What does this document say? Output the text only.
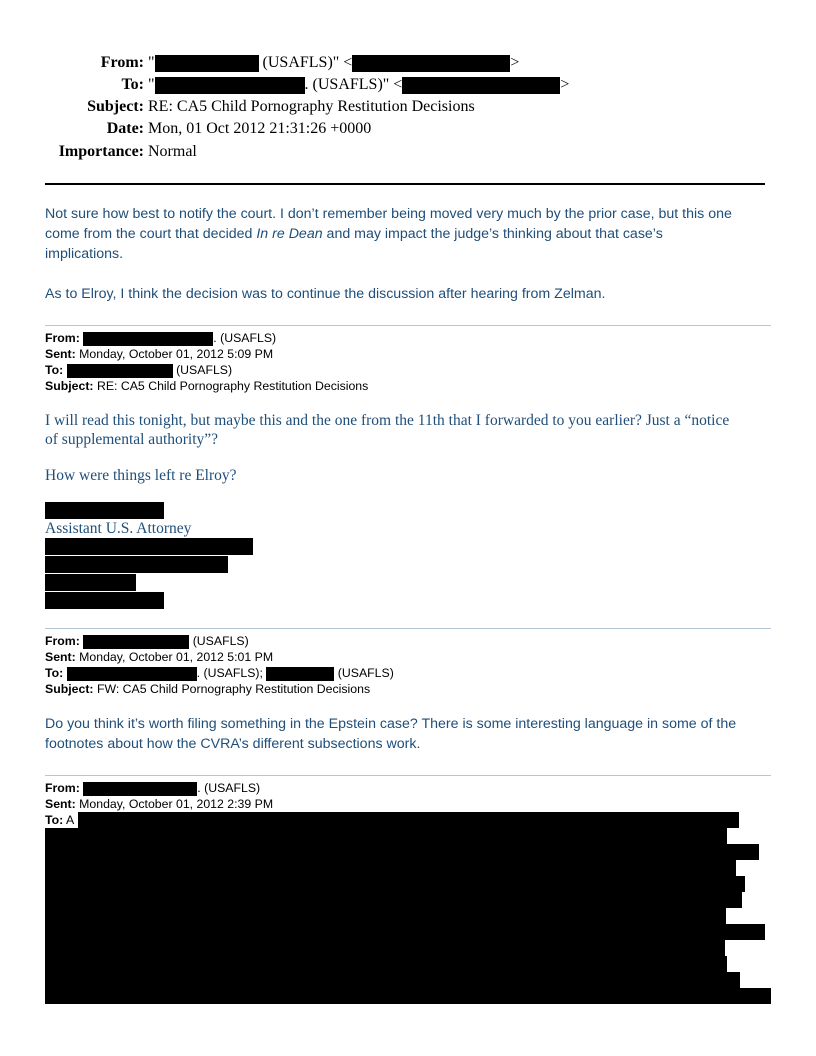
From: "	(USAFLS)" <	>
To: "	. (USAFLS)" <	>
Subject: RE: CA5 Child Pornography Restitution Decisions
Date: Mon, 01 Oct 2012 21:31:26 +0000
Importance: Normal
Not sure how best to notify the court. I don’t remember being moved very much by the prior case, but this one
come from the court that decided In re Dean and may impact the judge’s thinking about that case’s
implications.
As to Elroy, I think the decision was to continue the discussion after hearing from Zelman.
From:	. (USAFLS)
Sent: Monday, October 01, 2012 5:09 PM
To:	(USAFLS)
Subject: RE: CA5 Child Pornography Restitution Decisions
I will read this tonight, but maybe this and the one from the 11th that I forwarded to you earlier? Just a “notice
of supplemental authority”?
How were things left re Elroy?
Assistant U.S. Attorney
From:	(USAFLS)
Sent: Monday, October 01, 2012 5:01 PM
To:	. (USAFLS);	(USAFLS)
Subject: FW: CA5 Child Pornography Restitution Decisions
Do you think it’s worth filing something in the Epstein case? There is some interesting language in some of the
footnotes about how the CVRA’s different subsections work.
From:	. (USAFLS)
Sent: Monday, October 01, 2012 2:39 PM
To: A
